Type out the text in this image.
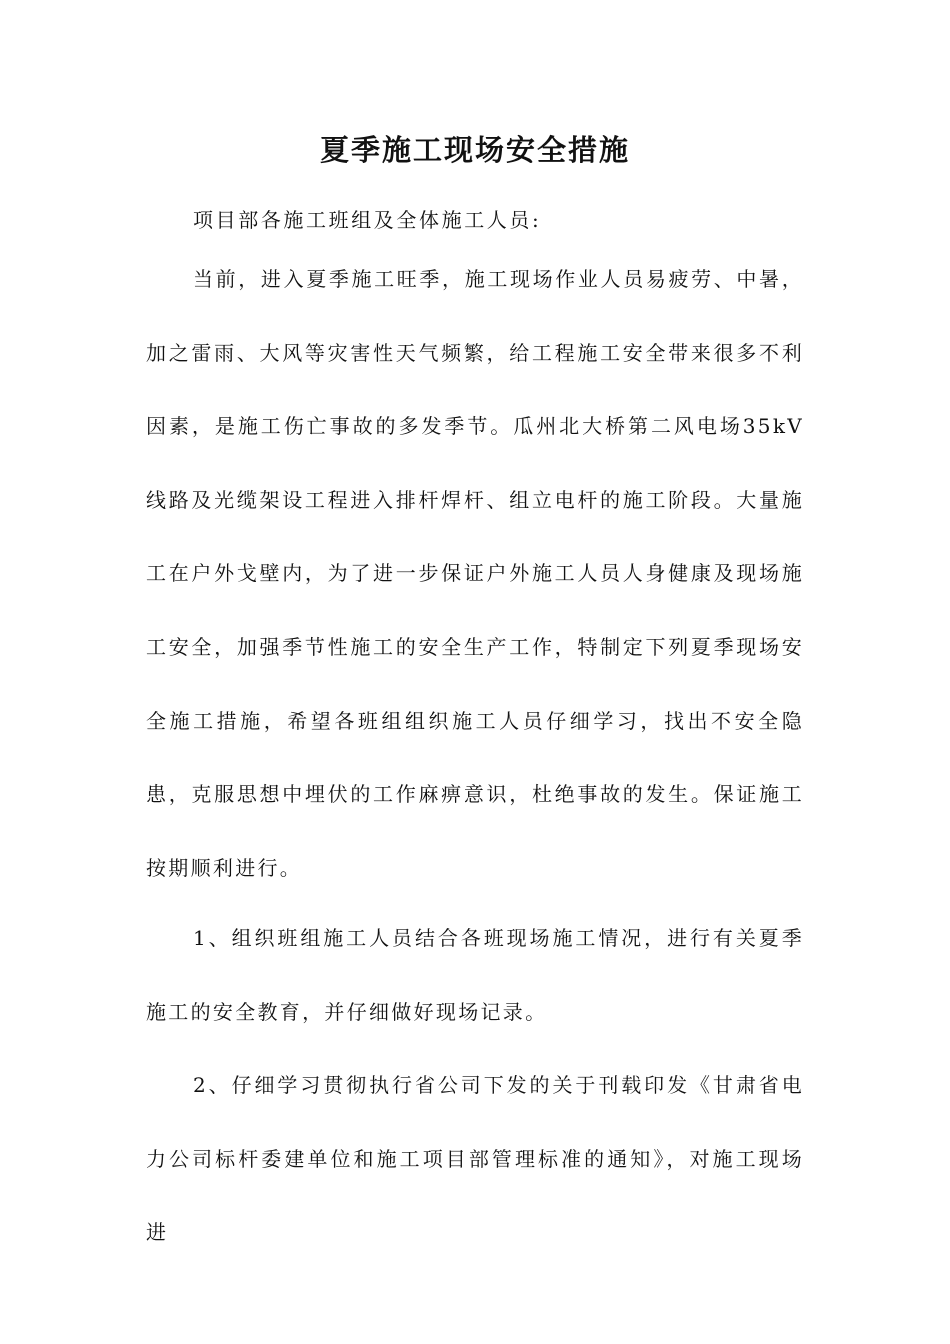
夏季施工现场安全措施

项目部各施工班组及全体施工人员:

当前，进入夏季施工旺季，施工现场作业人员易疲劳、中暑，加之雷雨、大风等灾害性天气频繁，给工程施工安全带来很多不利因素，是施工伤亡事故的多发季节。瓜州北大桥第二风电场35kV线路及光缆架设工程进入排杆焊杆、组立电杆的施工阶段。大量施工在户外戈壁内，为了进一步保证户外施工人员人身健康及现场施工安全，加强季节性施工的安全生产工作，特制定下列夏季现场安全施工措施，希望各班组组织施工人员仔细学习，找出不安全隐患，克服思想中埋伏的工作麻痹意识，杜绝事故的发生。保证施工按期顺利进行。

1、组织班组施工人员结合各班现场施工情况，进行有关夏季施工的安全教育，并仔细做好现场记录。

2、仔细学习贯彻执行省公司下发的关于刊载印发《甘肃省电力公司标杆委建单位和施工项目部管理标准的通知》，对施工现场进
